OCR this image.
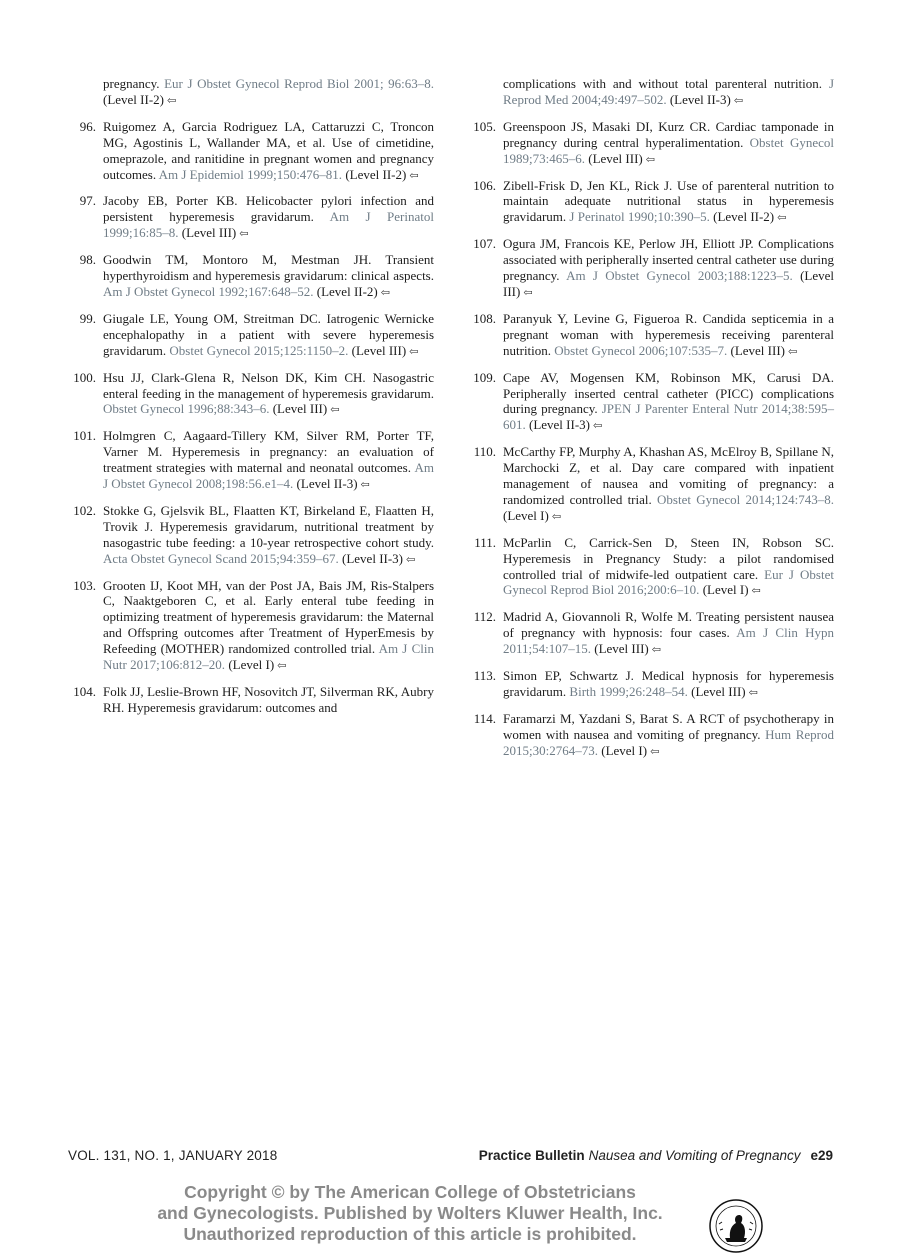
pregnancy. Eur J Obstet Gynecol Reprod Biol 2001; 96:63–8. (Level II-2) ⇦
96. Ruigomez A, Garcia Rodriguez LA, Cattaruzzi C, Troncon MG, Agostinis L, Wallander MA, et al. Use of cimetidine, omeprazole, and ranitidine in pregnant women and pregnancy outcomes. Am J Epidemiol 1999;150:476–81. (Level II-2) ⇦
97. Jacoby EB, Porter KB. Helicobacter pylori infection and persistent hyperemesis gravidarum. Am J Perinatol 1999;16:85–8. (Level III) ⇦
98. Goodwin TM, Montoro M, Mestman JH. Transient hyperthyroidism and hyperemesis gravidarum: clinical aspects. Am J Obstet Gynecol 1992;167:648–52. (Level II-2) ⇦
99. Giugale LE, Young OM, Streitman DC. Iatrogenic Wernicke encephalopathy in a patient with severe hyperemesis gravidarum. Obstet Gynecol 2015;125:1150–2. (Level III) ⇦
100. Hsu JJ, Clark-Glena R, Nelson DK, Kim CH. Nasogastric enteral feeding in the management of hyperemesis gravidarum. Obstet Gynecol 1996;88:343–6. (Level III) ⇦
101. Holmgren C, Aagaard-Tillery KM, Silver RM, Porter TF, Varner M. Hyperemesis in pregnancy: an evaluation of treatment strategies with maternal and neonatal outcomes. Am J Obstet Gynecol 2008;198:56.e1–4. (Level II-3) ⇦
102. Stokke G, Gjelsvik BL, Flaatten KT, Birkeland E, Flaatten H, Trovik J. Hyperemesis gravidarum, nutritional treatment by nasogastric tube feeding: a 10-year retrospective cohort study. Acta Obstet Gynecol Scand 2015;94:359–67. (Level II-3) ⇦
103. Grooten IJ, Koot MH, van der Post JA, Bais JM, Ris-Stalpers C, Naaktgeboren C, et al. Early enteral tube feeding in optimizing treatment of hyperemesis gravidarum: the Maternal and Offspring outcomes after Treatment of HyperEmesis by Refeeding (MOTHER) randomized controlled trial. Am J Clin Nutr 2017;106:812–20. (Level I) ⇦
104. Folk JJ, Leslie-Brown HF, Nosovitch JT, Silverman RK, Aubry RH. Hyperemesis gravidarum: outcomes and
complications with and without total parenteral nutrition. J Reprod Med 2004;49:497–502. (Level II-3) ⇦
105. Greenspoon JS, Masaki DI, Kurz CR. Cardiac tamponade in pregnancy during central hyperalimentation. Obstet Gynecol 1989;73:465–6. (Level III) ⇦
106. Zibell-Frisk D, Jen KL, Rick J. Use of parenteral nutrition to maintain adequate nutritional status in hyperemesis gravidarum. J Perinatol 1990;10:390–5. (Level II-2) ⇦
107. Ogura JM, Francois KE, Perlow JH, Elliott JP. Complications associated with peripherally inserted central catheter use during pregnancy. Am J Obstet Gynecol 2003;188:1223–5. (Level III) ⇦
108. Paranyuk Y, Levine G, Figueroa R. Candida septicemia in a pregnant woman with hyperemesis receiving parenteral nutrition. Obstet Gynecol 2006;107:535–7. (Level III) ⇦
109. Cape AV, Mogensen KM, Robinson MK, Carusi DA. Peripherally inserted central catheter (PICC) complications during pregnancy. JPEN J Parenter Enteral Nutr 2014;38:595–601. (Level II-3) ⇦
110. McCarthy FP, Murphy A, Khashan AS, McElroy B, Spillane N, Marchocki Z, et al. Day care compared with inpatient management of nausea and vomiting of pregnancy: a randomized controlled trial. Obstet Gynecol 2014;124:743–8. (Level I) ⇦
111. McParlin C, Carrick-Sen D, Steen IN, Robson SC. Hyperemesis in Pregnancy Study: a pilot randomised controlled trial of midwife-led outpatient care. Eur J Obstet Gynecol Reprod Biol 2016;200:6–10. (Level I) ⇦
112. Madrid A, Giovannoli R, Wolfe M. Treating persistent nausea of pregnancy with hypnosis: four cases. Am J Clin Hypn 2011;54:107–15. (Level III) ⇦
113. Simon EP, Schwartz J. Medical hypnosis for hyperemesis gravidarum. Birth 1999;26:248–54. (Level III) ⇦
114. Faramarzi M, Yazdani S, Barat S. A RCT of psychotherapy in women with nausea and vomiting of pregnancy. Hum Reprod 2015;30:2764–73. (Level I) ⇦
VOL. 131, NO. 1, JANUARY 2018	Practice Bulletin Nausea and Vomiting of Pregnancy e29
Copyright © by The American College of Obstetricians
and Gynecologists. Published by Wolters Kluwer Health, Inc.
Unauthorized reproduction of this article is prohibited.
